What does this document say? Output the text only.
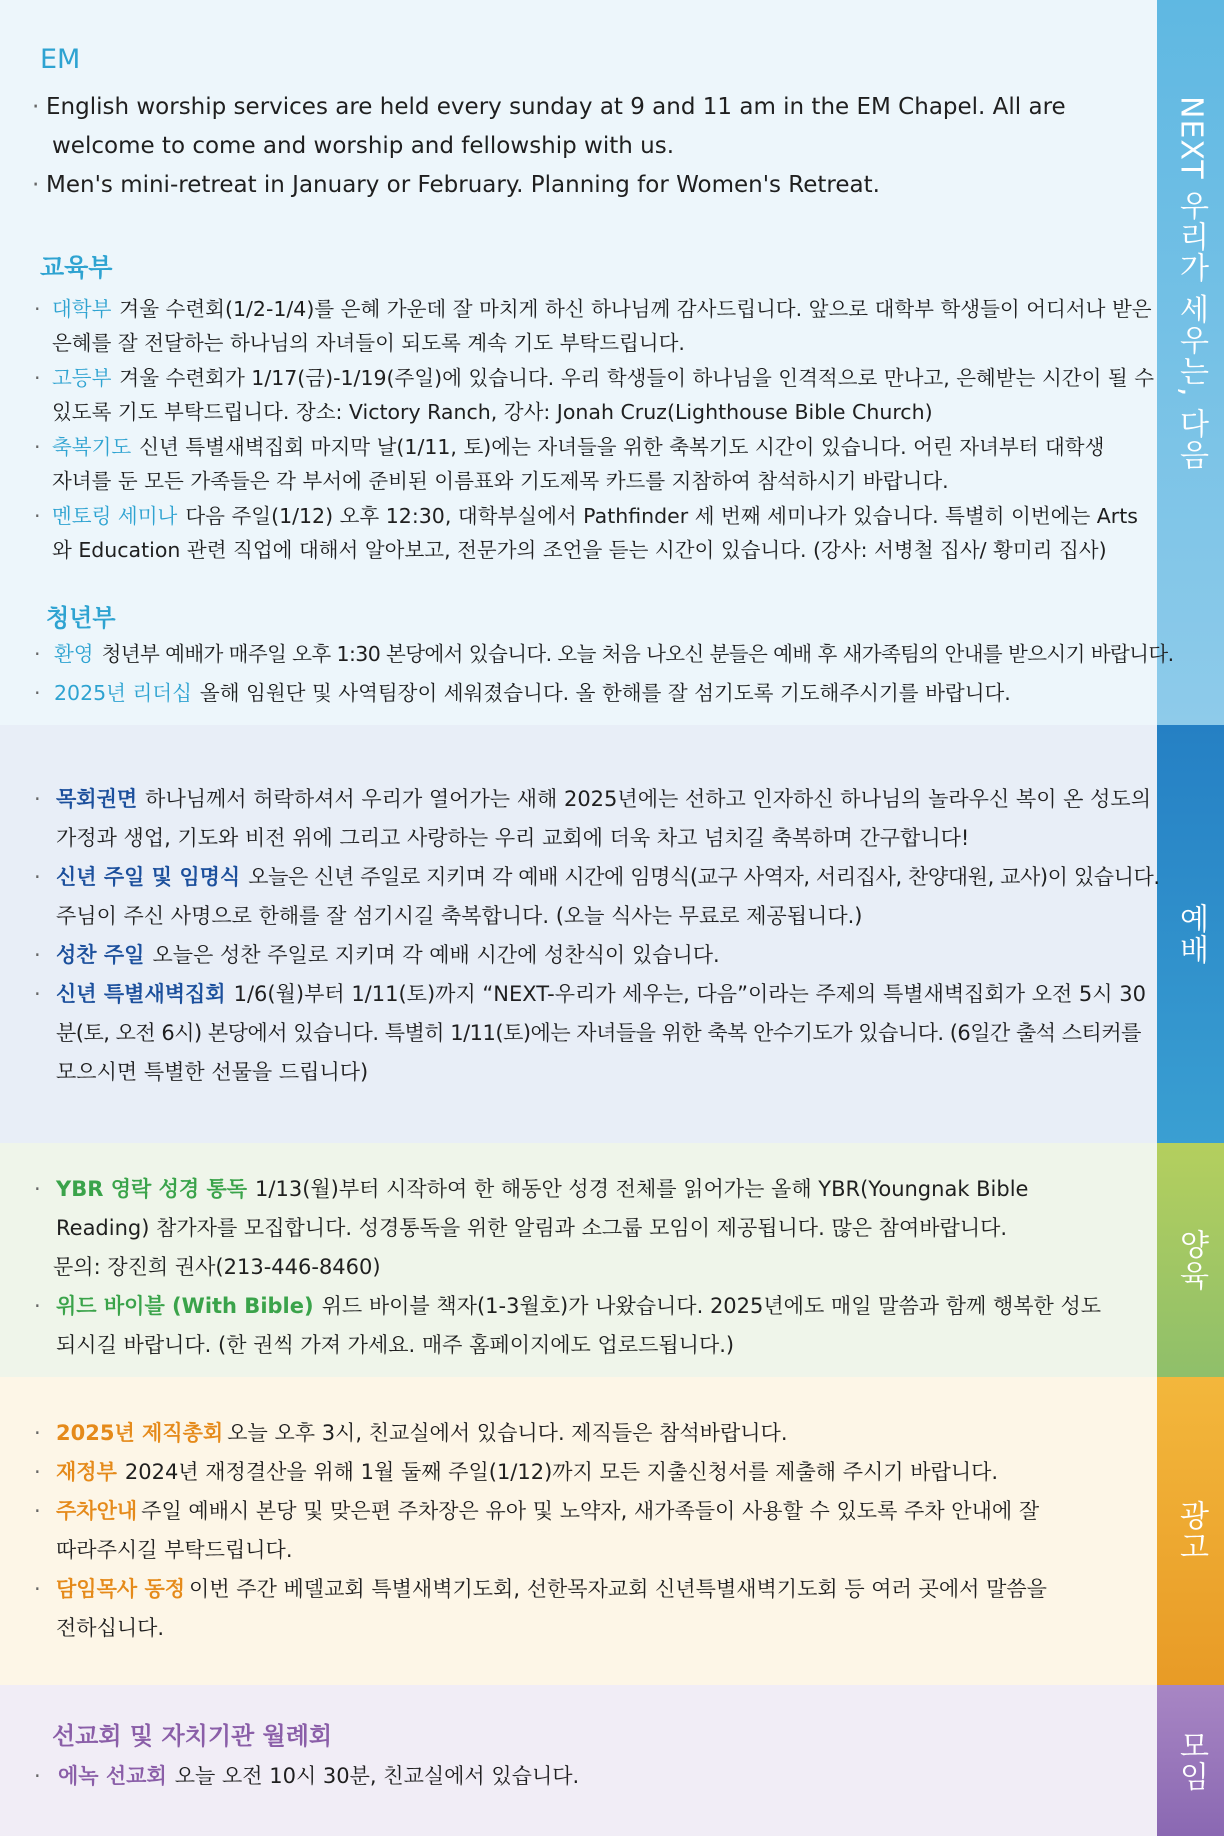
NEXT 우리가 세우는, 다음
예배
양육
광고
모임
EM
· English worship services are held every sunday at 9 and 11 am in the EM Chapel. All are
welcome to come and worship and fellowship with us.
· Men's mini-retreat in January or February. Planning for Women's Retreat.
교육부
· 대학부 겨울 수련회(1/2-1/4)를 은혜 가운데 잘 마치게 하신 하나님께 감사드립니다. 앞으로 대학부 학생들이 어디서나 받은
은혜를 잘 전달하는 하나님의 자녀들이 되도록 계속 기도 부탁드립니다.
· 고등부 겨울 수련회가 1/17(금)-1/19(주일)에 있습니다. 우리 학생들이 하나님을 인격적으로 만나고, 은혜받는 시간이 될 수
있도록 기도 부탁드립니다. 장소: Victory Ranch, 강사: Jonah Cruz(Lighthouse Bible Church)
· 축복기도 신년 특별새벽집회 마지막 날(1/11, 토)에는 자녀들을 위한 축복기도 시간이 있습니다. 어린 자녀부터 대학생
자녀를 둔 모든 가족들은 각 부서에 준비된 이름표와 기도제목 카드를 지참하여 참석하시기 바랍니다.
· 멘토링 세미나 다음 주일(1/12) 오후 12:30, 대학부실에서 Pathfinder 세 번째 세미나가 있습니다. 특별히 이번에는 Arts
와 Education 관련 직업에 대해서 알아보고, 전문가의 조언을 듣는 시간이 있습니다. (강사: 서병철 집사/ 황미리 집사)
청년부
· 환영 청년부 예배가 매주일 오후 1:30 본당에서 있습니다. 오늘 처음 나오신 분들은 예배 후 새가족팀의 안내를 받으시기 바랍니다.
· 2025년 리더십 올해 임원단 및 사역팀장이 세워졌습니다. 올 한해를 잘 섬기도록 기도해주시기를 바랍니다.
· 목회권면 하나님께서 허락하셔서 우리가 열어가는 새해 2025년에는 선하고 인자하신 하나님의 놀라우신 복이 온 성도의
가정과 생업, 기도와 비전 위에 그리고 사랑하는 우리 교회에 더욱 차고 넘치길 축복하며 간구합니다!
· 신년 주일 및 임명식 오늘은 신년 주일로 지키며 각 예배 시간에 임명식(교구 사역자, 서리집사, 찬양대원, 교사)이 있습니다.
주님이 주신 사명으로 한해를 잘 섬기시길 축복합니다. (오늘 식사는 무료로 제공됩니다.)
· 성찬 주일 오늘은 성찬 주일로 지키며 각 예배 시간에 성찬식이 있습니다.
· 신년 특별새벽집회 1/6(월)부터 1/11(토)까지 “NEXT-우리가 세우는, 다음”이라는 주제의 특별새벽집회가 오전 5시 30
분(토, 오전 6시) 본당에서 있습니다. 특별히 1/11(토)에는 자녀들을 위한 축복 안수기도가 있습니다. (6일간 출석 스티커를
모으시면 특별한 선물을 드립니다)
· YBR 영락 성경 통독 1/13(월)부터 시작하여 한 해동안 성경 전체를 읽어가는 올해 YBR(Youngnak Bible
Reading) 참가자를 모집합니다. 성경통독을 위한 알림과 소그룹 모임이 제공됩니다. 많은 참여바랍니다.
문의: 장진희 권사(213-446-8460)
· 위드 바이블 (With Bible) 위드 바이블 책자(1-3월호)가 나왔습니다. 2025년에도 매일 말씀과 함께 행복한 성도
되시길 바랍니다. (한 권씩 가져 가세요. 매주 홈페이지에도 업로드됩니다.)
· 2025년 제직총회 오늘 오후 3시, 친교실에서 있습니다. 제직들은 참석바랍니다.
· 재정부 2024년 재정결산을 위해 1월 둘째 주일(1/12)까지 모든 지출신청서를 제출해 주시기 바랍니다.
· 주차안내 주일 예배시 본당 및 맞은편 주차장은 유아 및 노약자, 새가족들이 사용할 수 있도록 주차 안내에 잘
따라주시길 부탁드립니다.
· 담임목사 동정 이번 주간 베델교회 특별새벽기도회, 선한목자교회 신년특별새벽기도회 등 여러 곳에서 말씀을
전하십니다.
선교회 및 자치기관 월례회
· 에녹 선교회 오늘 오전 10시 30분, 친교실에서 있습니다.
